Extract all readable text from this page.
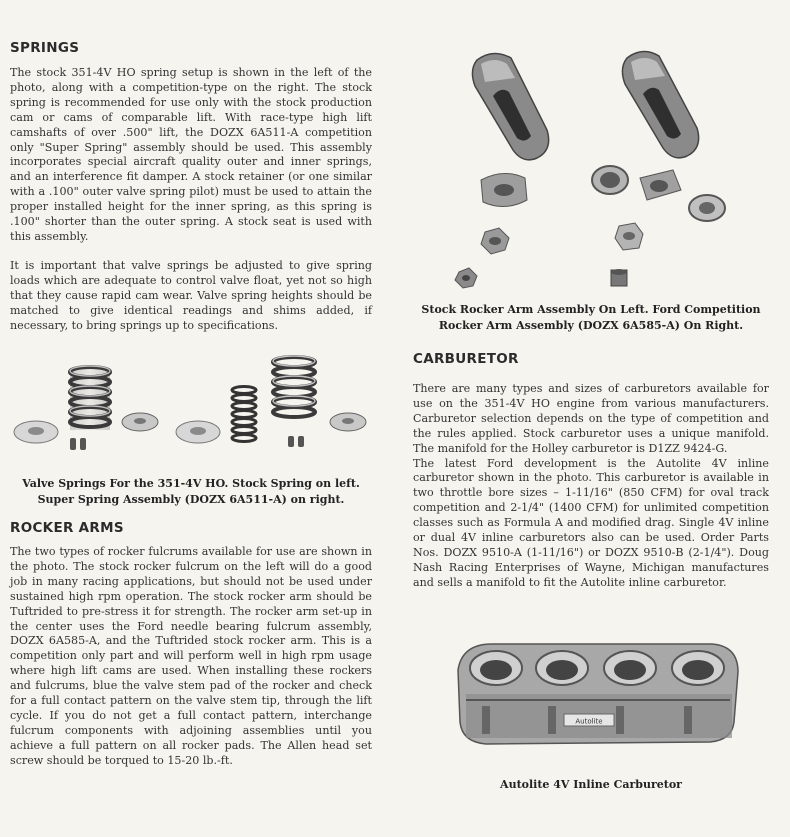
SPRINGS

The stock 351-4V HO spring setup is shown in the left of the photo, along with a competition-type on the right. The stock spring is recommended for use only with the stock production cam or cams of comparable lift. With race-type high lift camshafts of over .500" lift, the DOZX 6A511-A competition only "Super Spring" assembly should be used. This assembly incorporates special aircraft quality outer and inner springs, and an interference fit damper. A stock retainer (or one similar with a .100" outer valve spring pilot) must be used to attain the proper installed height for the inner spring, as this spring is .100" shorter than the outer spring. A stock seat is used with this assembly.

It is important that valve springs be adjusted to give spring loads which are adequate to control valve float, yet not so high that they cause rapid cam wear. Valve spring heights should be matched to give identical readings and shims added, if necessary, to bring springs up to specifications.

Valve Springs For the 351-4V HO. Stock Spring on left.

Super Spring Assembly (DOZX 6A511-A) on right.

ROCKER ARMS

The two types of rocker fulcrums available for use are shown in the photo. The stock rocker fulcrum on the left will do a good job in many racing applications, but should not be used under sustained high rpm operation. The stock rocker arm should be Tuftrided to pre-stress it for strength. The rocker arm set-up in the center uses the Ford needle bearing fulcrum assembly, DOZX 6A585-A, and the Tuftrided stock rocker arm. This is a competition only part and will perform well in high rpm usage where high lift cams are used. When installing these rockers and fulcrums, blue the valve stem pad of the rocker and check for a full contact pattern on the valve stem tip, through the lift cycle. If you do not get a full contact pattern, interchange fulcrum components with adjoining assemblies until you achieve a full pattern on all rocker pads. The Allen head set screw should be torqued to 15-20 lb.-ft.

Stock Rocker Arm Assembly On Left. Ford Competition

Rocker Arm Assembly (DOZX 6A585-A) On Right.

CARBURETOR

There are many types and sizes of carburetors available for use on the 351-4V HO engine from various manufacturers. Carburetor selection depends on the type of competition and the rules applied. Stock carburetor uses a unique manifold. The manifold for the Holley carburetor is D1ZZ 9424-G.

The latest Ford development is the Autolite 4V inline carburetor shown in the photo. This carburetor is available in two throttle bore sizes – 1-11/16" (850 CFM) for oval track competition and 2-1/4" (1400 CFM) for unlimited competition classes such as Formula A and modified drag. Single 4V inline or dual 4V inline carburetors also can be used. Order Parts Nos. DOZX 9510-A (1-11/16") or DOZX 9510-B (2-1/4"). Doug Nash Racing Enterprises of Wayne, Michigan manufactures and sells a manifold to fit the Autolite inline carburetor.

Autolite

Autolite 4V Inline Carburetor
